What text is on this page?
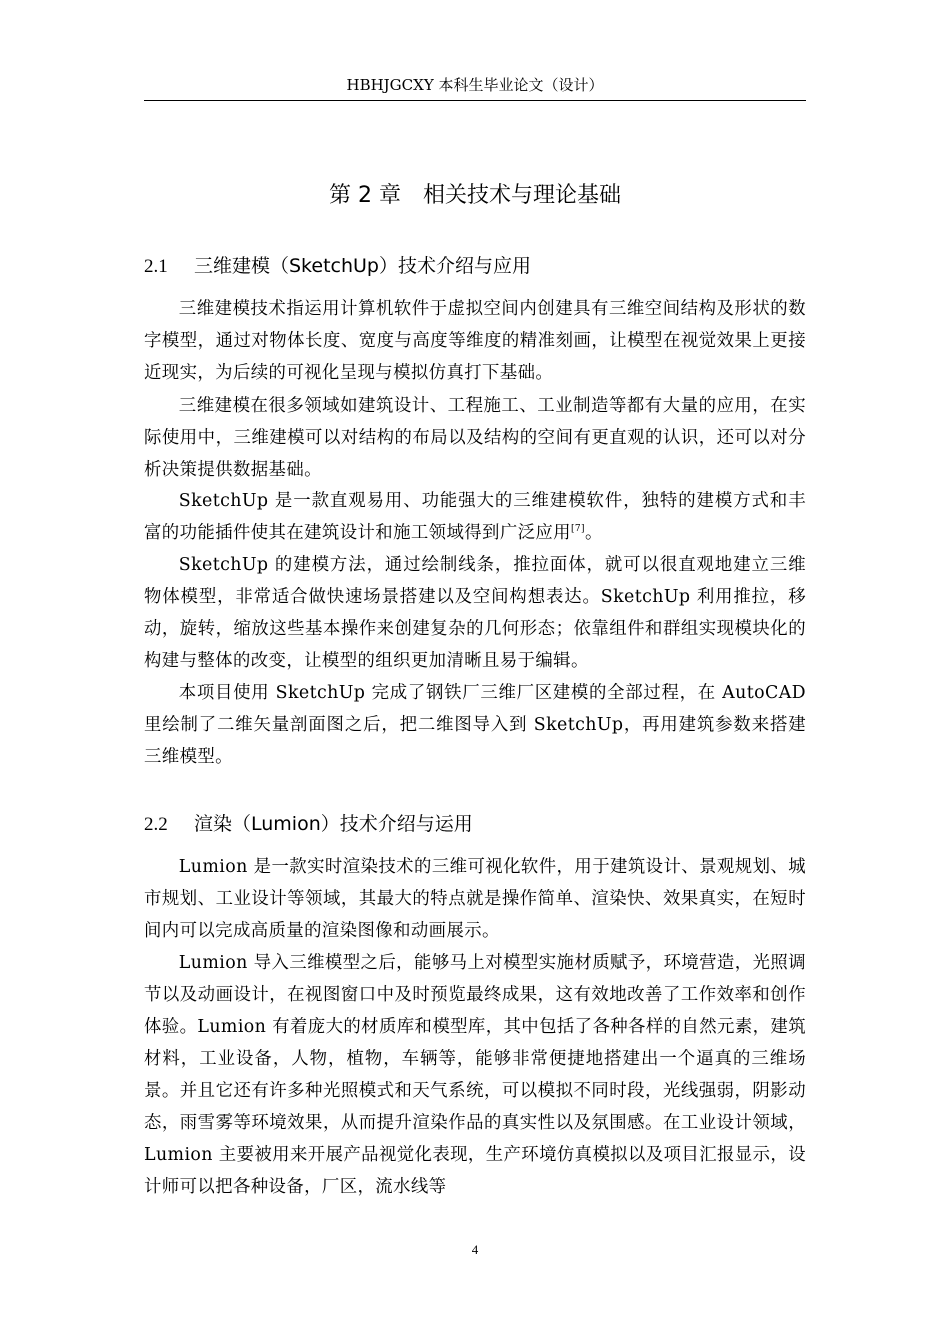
HBHJGCXY 本科生毕业论文（设计）
第 2 章　相关技术与理论基础
2.1 三维建模（SketchUp）技术介绍与应用
三维建模技术指运用计算机软件于虚拟空间内创建具有三维空间结构及形状的数字模型，通过对物体长度、宽度与高度等维度的精准刻画，让模型在视觉效果上更接近现实，为后续的可视化呈现与模拟仿真打下基础。
三维建模在很多领域如建筑设计、工程施工、工业制造等都有大量的应用，在实际使用中，三维建模可以对结构的布局以及结构的空间有更直观的认识，还可以对分析决策提供数据基础。
SketchUp 是一款直观易用、功能强大的三维建模软件，独特的建模方式和丰富的功能插件使其在建筑设计和施工领域得到广泛应用[7]。
SketchUp 的建模方法，通过绘制线条，推拉面体，就可以很直观地建立三维物体模型，非常适合做快速场景搭建以及空间构想表达。SketchUp 利用推拉，移动，旋转，缩放这些基本操作来创建复杂的几何形态；依靠组件和群组实现模块化的构建与整体的改变，让模型的组织更加清晰且易于编辑。
本项目使用 SketchUp 完成了钢铁厂三维厂区建模的全部过程，在 AutoCAD 里绘制了二维矢量剖面图之后，把二维图导入到 SketchUp，再用建筑参数来搭建三维模型。
2.2 渲染（Lumion）技术介绍与运用
Lumion 是一款实时渲染技术的三维可视化软件，用于建筑设计、景观规划、城市规划、工业设计等领域，其最大的特点就是操作简单、渲染快、效果真实，在短时间内可以完成高质量的渲染图像和动画展示。
Lumion 导入三维模型之后，能够马上对模型实施材质赋予，环境营造，光照调节以及动画设计，在视图窗口中及时预览最终成果，这有效地改善了工作效率和创作体验。Lumion 有着庞大的材质库和模型库，其中包括了各种各样的自然元素，建筑材料，工业设备，人物，植物，车辆等，能够非常便捷地搭建出一个逼真的三维场景。并且它还有许多种光照模式和天气系统，可以模拟不同时段，光线强弱，阴影动态，雨雪雾等环境效果，从而提升渲染作品的真实性以及氛围感。在工业设计领域，Lumion 主要被用来开展产品视觉化表现，生产环境仿真模拟以及项目汇报显示，设计师可以把各种设备，厂区，流水线等
4
